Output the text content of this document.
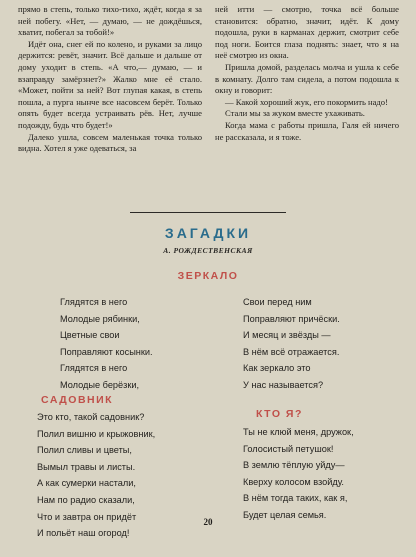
прямо в степь, только тихо-тихо, ждёт, когда я за ней побегу. «Нет, — думаю, — не дождёшься, хватит, побегал за тобой!»

Идёт она, снег ей по колено, и руками за лицо держится: ревёт, значит. Всё дальше и дальше от дому уходит в степь. «А что,— думаю, — и взаправду замёрзнет?» Жалко мне её стало. «Может, пойти за ней? Вот глупая какая, в степь пошла, а пурга нынче все насовсем берёт. Только опять будет всегда устраивать рёв. Нет, лучше подожду, будь что будет!»

Далеко ушла, совсем маленькая точка только видна. Хотел я уже одеваться, за

ней итти — смотрю, точка всё больше становится: обратно, значит, идёт. К дому подошла, руки в карманах держит, смотрит себе под ноги. Боится глаза поднять: знает, что я на неё смотрю из окна.

Пришла домой, разделась молча и ушла к себе в комнату. Долго там сидела, а потом подошла к окну и говорит:

— Какой хороший жук, его покормить надо!

Стали мы за жуком вместе ухаживать.

Когда мама с работы пришла, Галя ей ничего не рассказала, и я тоже.

ЗАГАДКИ
А. РОЖДЕСТВЕНСКАЯ
ЗЕРКАЛО
Глядятся в него
Молодые рябинки,
Цветные свои
Поправляют косынки.
Глядятся в него
Молодые берёзки,
Свои перед ним
Поправляют причёски.
И месяц и звёзды —
В нём всё отражается.
Как зеркало это
У нас называется?
САДОВНИК
Это кто, такой садовник?
Полил вишню и крыжовник,
Полил сливы и цветы,
Вымыл травы и листы.
А как сумерки настали,
Нам по радио сказали,
Что и завтра он придёт
И польёт наш огород!
КТО Я?
Ты не клюй меня, дружок,
Голосистый петушок!
В землю тёплую уйду—
Кверху колосом взойду.
В нём тогда таких, как я,
Будет целая семья.
20
